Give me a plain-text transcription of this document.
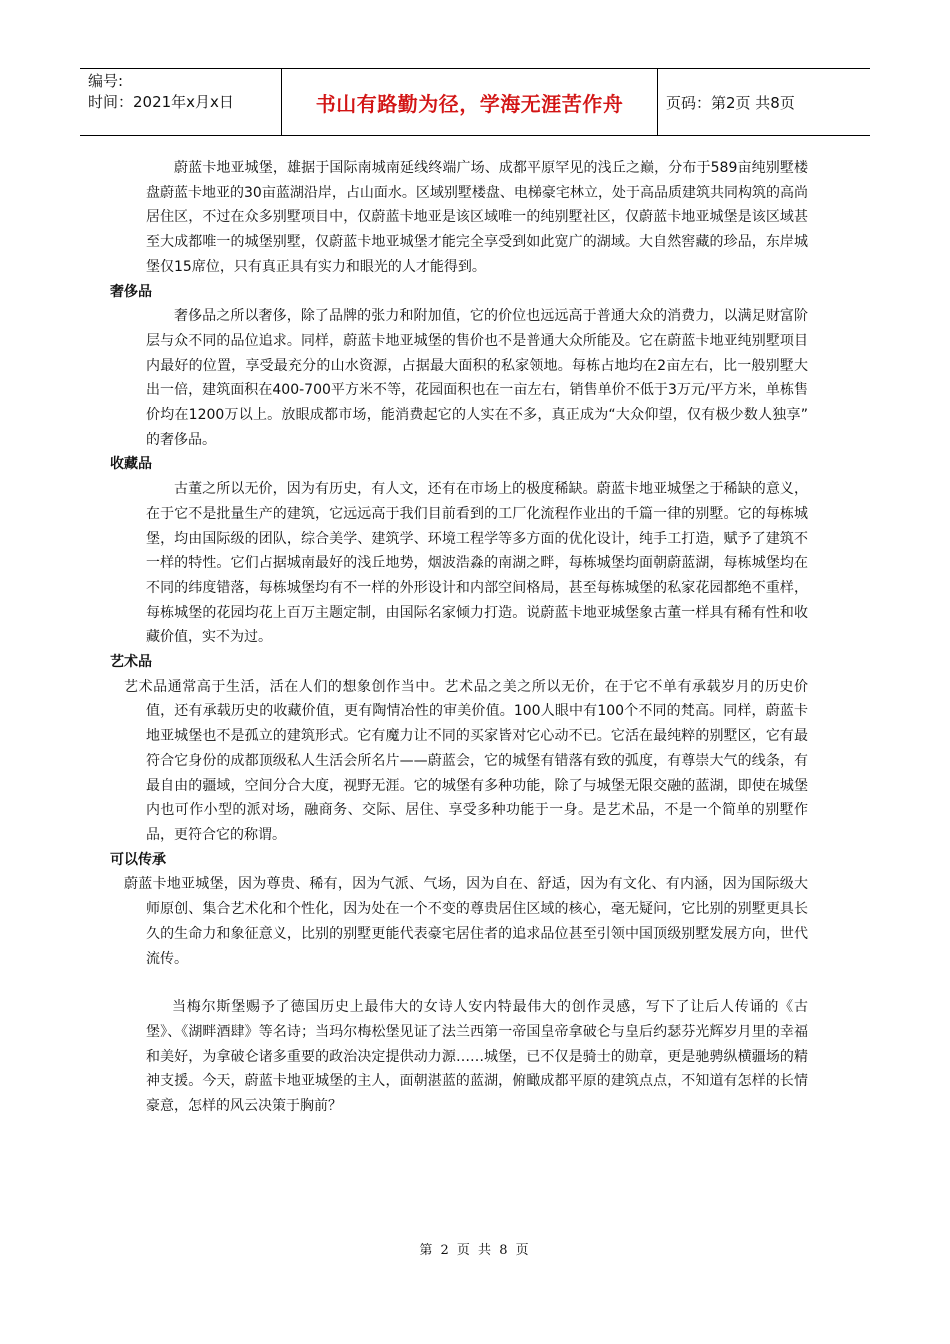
编号:
时间：2021年x月x日	书山有路勤为径，学海无涯苦作舟	页码：第2页 共8页

蔚蓝卡地亚城堡，雄据于国际南城南延线终端广场、成都平原罕见的浅丘之巅，分布于589亩纯别墅楼盘蔚蓝卡地亚的30亩蓝湖沿岸，占山面水。区域别墅楼盘、电梯豪宅林立，处于高品质建筑共同构筑的高尚居住区，不过在众多别墅项目中，仅蔚蓝卡地亚是该区域唯一的纯别墅社区，仅蔚蓝卡地亚城堡是该区域甚至大成都唯一的城堡别墅，仅蔚蓝卡地亚城堡才能完全享受到如此宽广的湖域。大自然窖藏的珍品，东岸城堡仅15席位，只有真正具有实力和眼光的人才能得到。

奢侈品

奢侈品之所以奢侈，除了品牌的张力和附加值，它的价位也远远高于普通大众的消费力，以满足财富阶层与众不同的品位追求。同样，蔚蓝卡地亚城堡的售价也不是普通大众所能及。它在蔚蓝卡地亚纯别墅项目内最好的位置，享受最充分的山水资源，占据最大面积的私家领地。每栋占地均在2亩左右，比一般别墅大出一倍，建筑面积在400-700平方米不等，花园面积也在一亩左右，销售单价不低于3万元/平方米，单栋售价均在1200万以上。放眼成都市场，能消费起它的人实在不多，真正成为“大众仰望，仅有极少数人独享” 的奢侈品。

收藏品

古董之所以无价，因为有历史，有人文，还有在市场上的极度稀缺。蔚蓝卡地亚城堡之于稀缺的意义，在于它不是批量生产的建筑，它远远高于我们目前看到的工厂化流程作业出的千篇一律的别墅。它的每栋城堡，均由国际级的团队，综合美学、建筑学、环境工程学等多方面的优化设计，纯手工打造，赋予了建筑不一样的特性。它们占据城南最好的浅丘地势，烟波浩淼的南湖之畔，每栋城堡均面朝蔚蓝湖，每栋城堡均在不同的纬度错落，每栋城堡均有不一样的外形设计和内部空间格局，甚至每栋城堡的私家花园都绝不重样，每栋城堡的花园均花上百万主题定制，由国际名家倾力打造。说蔚蓝卡地亚城堡象古董一样具有稀有性和收藏价值，实不为过。

艺术品

艺术品通常高于生活，活在人们的想象创作当中。艺术品之美之所以无价，在于它不单有承载岁月的历史价值，还有承载历史的收藏价值，更有陶情冶性的审美价值。100人眼中有100个不同的梵高。同样，蔚蓝卡地亚城堡也不是孤立的建筑形式。它有魔力让不同的买家皆对它心动不已。它活在最纯粹的别墅区，它有最符合它身份的成都顶级私人生活会所名片——蔚蓝会，它的城堡有错落有致的弧度，有尊崇大气的线条，有最自由的疆域，空间分合大度，视野无涯。它的城堡有多种功能，除了与城堡无限交融的蓝湖，即使在城堡内也可作小型的派对场，融商务、交际、居住、享受多种功能于一身。是艺术品，不是一个简单的别墅作品，更符合它的称谓。

可以传承

蔚蓝卡地亚城堡，因为尊贵、稀有，因为气派、气场，因为自在、舒适，因为有文化、有内涵，因为国际级大师原创、集合艺术化和个性化，因为处在一个不变的尊贵居住区域的核心，毫无疑问，它比别的别墅更具长久的生命力和象征意义，比别的别墅更能代表豪宅居住者的追求品位甚至引领中国顶级别墅发展方向，世代流传。

当梅尔斯堡赐予了德国历史上最伟大的女诗人安内特最伟大的创作灵感，写下了让后人传诵的《古堡》、《湖畔酒肆》等名诗；当玛尔梅松堡见证了法兰西第一帝国皇帝拿破仑与皇后约瑟芬光辉岁月里的幸福和美好，为拿破仑诸多重要的政治决定提供动力源……城堡，已不仅是骑士的勋章，更是驰骋纵横疆场的精神支援。今天，蔚蓝卡地亚城堡的主人，面朝湛蓝的蓝湖，俯瞰成都平原的建筑点点，不知道有怎样的长情豪意，怎样的风云决策于胸前？

第 2 页 共 8 页
